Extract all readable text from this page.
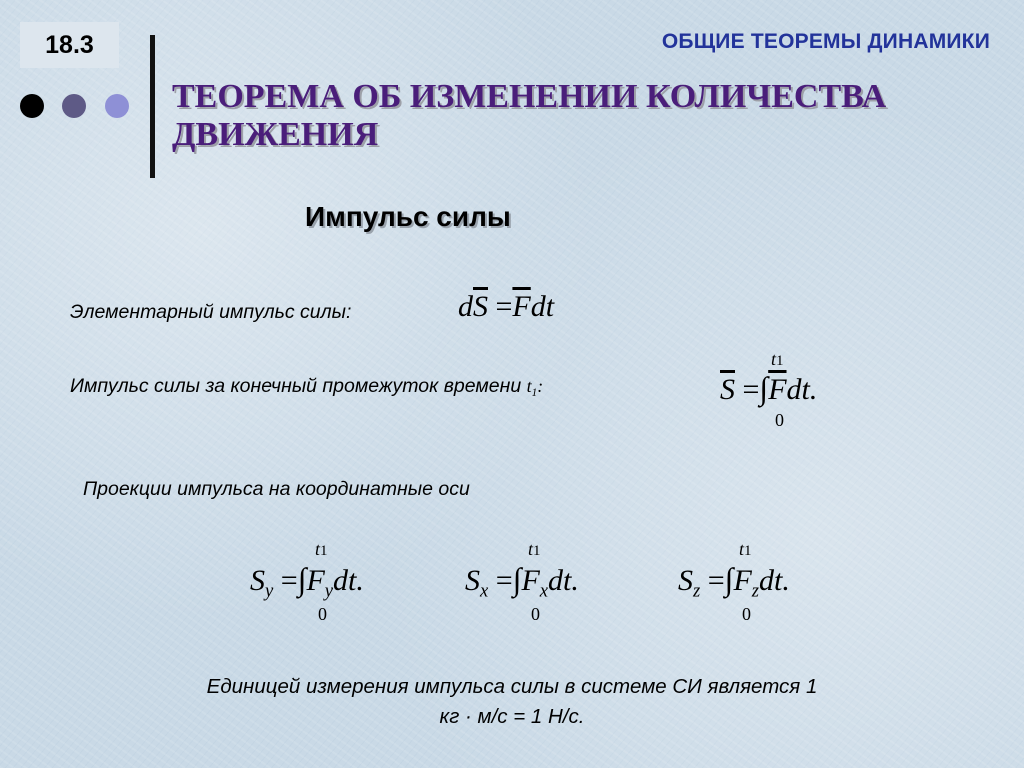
18.3	ОБЩИЕ ТЕОРЕМЫ ДИНАМИКИ
ТЕОРЕМА ОБ ИЗМЕНЕНИИ КОЛИЧЕСТВА ДВИЖЕНИЯ
Импульс силы
Элементарный импульс силы:	$d\overline{S} =\overline{F}dt$
Импульс силы за конечный промежуток времени $t_1$:
t1
0
$\overline{S} =\int\overline{F}dt$.
Проекции импульса на координатные оси
t1
0
$S_y =\int F_ydt$.
t1
0
$S_x =\int F_xdt$.
t1
0
$S_z =\int F_zdt$.
Единицей измерения импульса силы в системе СИ является 1
кг · м/с = 1 Н/с.
